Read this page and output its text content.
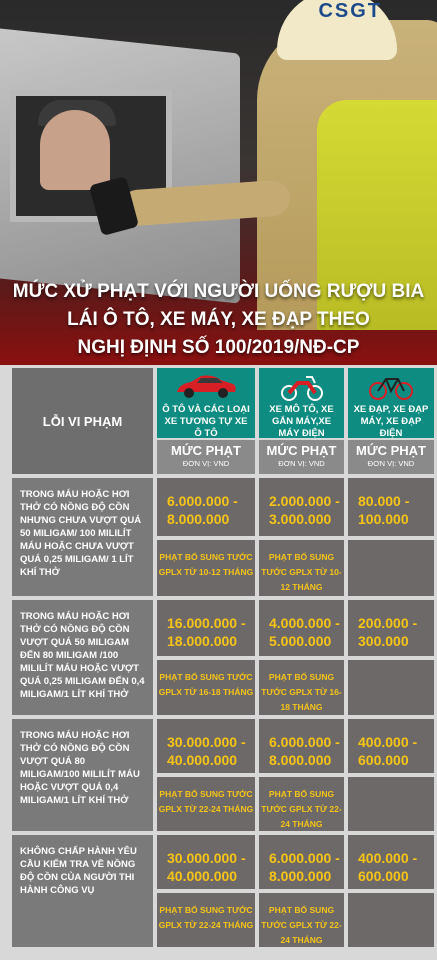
CSGT
MỨC XỬ PHẠT VỚI NGƯỜI UỐNG RƯỢU BIA
LÁI Ô TÔ, XE MÁY, XE ĐẠP THEO
NGHỊ ĐỊNH SỐ 100/2019/NĐ-CP
LỖI VI PHẠM
Ô TÔ VÀ CÁC LOẠI XE TƯƠNG TỰ XE Ô TÔ
XE MÔ TÔ, XE GẮN MÁY,XE MÁY ĐIỆN
XE ĐẠP, XE ĐẠP MÁY, XE ĐẠP ĐIỆN
MỨC PHẠT
ĐƠN VỊ: VND
MỨC PHẠT
ĐƠN VỊ: VND
MỨC PHẠT
ĐƠN VỊ: VND
TRONG MÁU HOẶC HƠI THỞ CÓ NỒNG ĐỘ CỒN NHƯNG CHƯA VƯỢT QUÁ 50 MILIGAM/ 100 MILILÍT MÁU HOẶC CHƯA VƯỢT QUÁ 0,25 MILIGAM/ 1 LÍT KHÍ THỞ
6.000.000 - 8.000.000
2.000.000 - 3.000.000
80.000 - 100.000
PHẠT BỔ SUNG TƯỚC GPLX TỪ 10-12 THÁNG
PHẠT BỔ SUNG TƯỚC GPLX TỪ 10-12 THÁNG
TRONG MÁU HOẶC HƠI THỞ CÓ NỒNG ĐỘ CỒN VƯỢT QUÁ 50 MILIGAM ĐẾN 80 MILIGAM /100 MILILÍT MÁU HOẶC VƯỢT QUÁ 0,25 MILIGAM ĐẾN 0,4 MILIGAM/1 LÍT KHÍ THỞ
16.000.000 - 18.000.000
4.000.000 - 5.000.000
200.000 - 300.000
PHẠT BỔ SUNG TƯỚC GPLX TỪ 16-18 THÁNG
PHẠT BỔ SUNG TƯỚC GPLX TỪ 16-18 THÁNG
TRONG MÁU HOẶC HƠI THỞ CÓ NỒNG ĐỘ CỒN VƯỢT QUÁ 80 MILIGAM/100 MILILÍT MÁU HOẶC VƯỢT QUÁ 0,4 MILIGAM/1 LÍT KHÍ THỞ
30.000.000 - 40.000.000
6.000.000 - 8.000.000
400.000 - 600.000
PHẠT BỔ SUNG TƯỚC GPLX TỪ 22-24 THÁNG
PHẠT BỔ SUNG TƯỚC GPLX TỪ 22-24 THÁNG
KHÔNG CHẤP HÀNH YÊU CẦU KIỂM TRA VỀ NỒNG ĐỘ CỒN CỦA NGƯỜI THI HÀNH CÔNG VỤ
30.000.000 - 40.000.000
6.000.000 - 8.000.000
400.000 - 600.000
PHẠT BỔ SUNG TƯỚC GPLX TỪ 22-24 THÁNG
PHẠT BỔ SUNG TƯỚC GPLX TỪ 22-24 THÁNG
